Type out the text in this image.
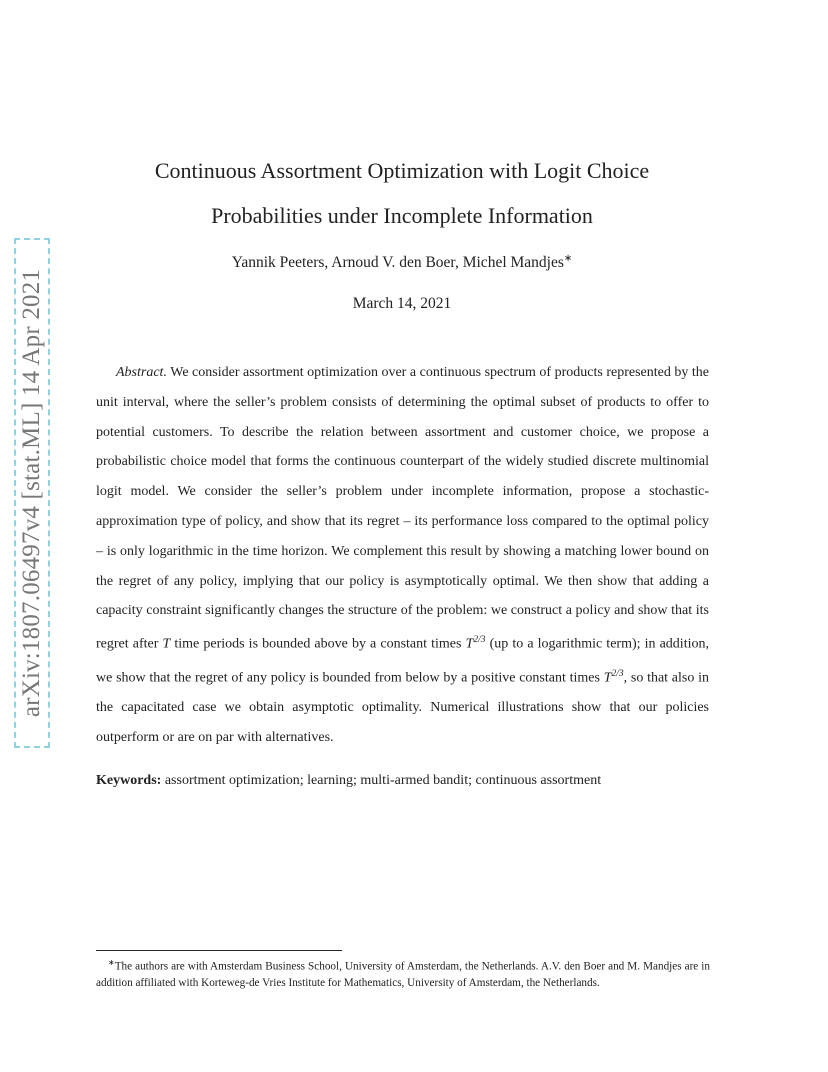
arXiv:1807.06497v4 [stat.ML] 14 Apr 2021
Continuous Assortment Optimization with Logit Choice
Probabilities under Incomplete Information
Yannik Peeters, Arnoud V. den Boer, Michel Mandjes∗
March 14, 2021

Abstract. We consider assortment optimization over a continuous spectrum of products represented by the unit interval, where the seller’s problem consists of determining the optimal subset of products to offer to potential customers. To describe the relation between assortment and customer choice, we propose a probabilistic choice model that forms the continuous counterpart of the widely studied discrete multinomial logit model. We consider the seller’s problem under incomplete information, propose a stochastic-approximation type of policy, and show that its regret – its performance loss compared to the optimal policy – is only logarithmic in the time horizon. We complement this result by showing a matching lower bound on the regret of any policy, implying that our policy is asymptotically optimal. We then show that adding a capacity constraint significantly changes the structure of the problem: we construct a policy and show that its regret after T time periods is bounded above by a constant times $T^{2/3}$ (up to a logarithmic term); in addition, we show that the regret of any policy is bounded from below by a positive constant times $T^{2/3}$, so that also in the capacitated case we obtain asymptotic optimality. Numerical illustrations show that our policies outperform or are on par with alternatives.

Keywords: assortment optimization; learning; multi-armed bandit; continuous assortment

∗The authors are with Amsterdam Business School, University of Amsterdam, the Netherlands. A.V. den Boer and M. Mandjes are in addition affiliated with Korteweg-de Vries Institute for Mathematics, University of Amsterdam, the Netherlands.
